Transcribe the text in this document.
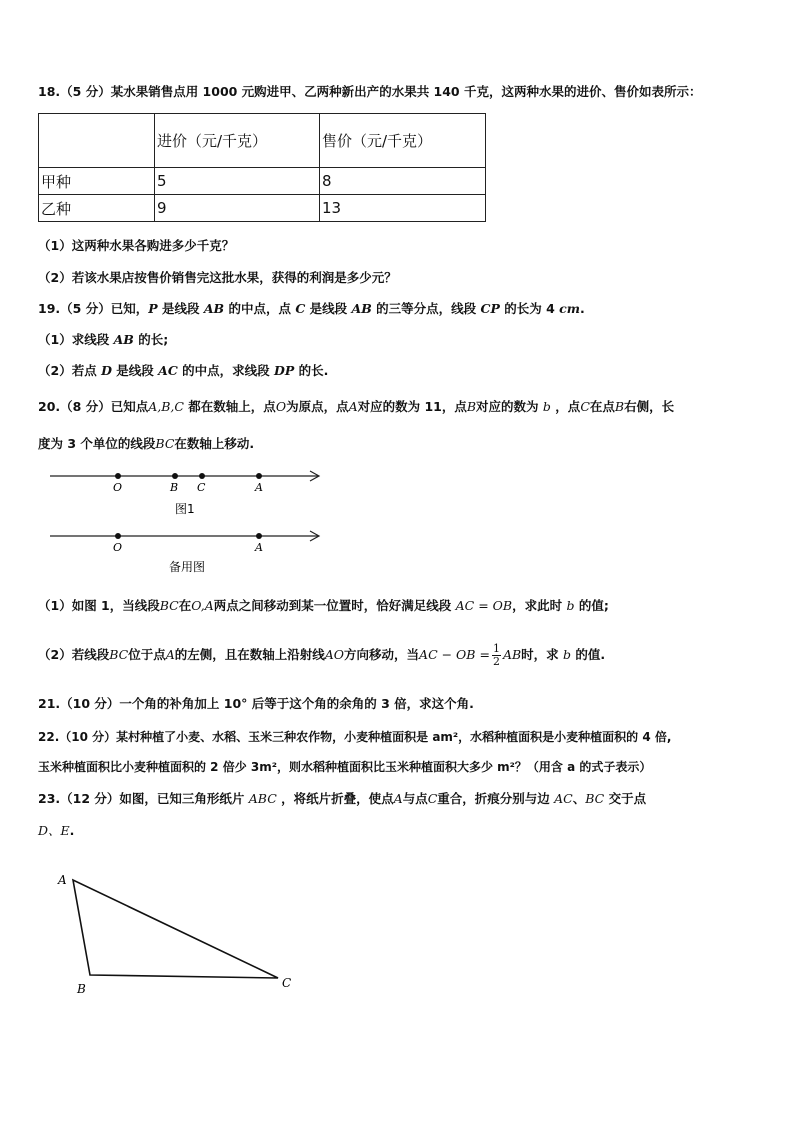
18.（5 分）某水果销售点用 1000 元购进甲、乙两种新出产的水果共 140 千克，这两种水果的进价、售价如表所示：
	进价（元/千克）	售价（元/千克）
甲种	5	8
乙种	9	13
（1）这两种水果各购进多少千克？
（2）若该水果店按售价销售完这批水果，获得的利润是多少元？
19.（5 分）已知，P 是线段 AB 的中点，点 C 是线段 AB 的三等分点，线段 CP 的长为 4 cm.
（1）求线段 AB 的长;
（2）若点 D 是线段 AC 的中点，求线段 DP 的长.
20.（8 分）已知点A,B,C 都在数轴上，点O为原点，点A对应的数为 11，点B对应的数为 b ，点C在点B右侧，长
度为 3 个单位的线段BC在数轴上移动.
O	B C	A
图1
O	A
备用图
（1）如图 1，当线段BC在O,A两点之间移动到某一位置时，恰好满足线段 AC = OB，求此时 b 的值;
（2）若线段BC位于点A的左侧，且在数轴上沿射线AO方向移动，当AC − OB = $\frac{1}{2}$ AB时，求 b 的值.
21.（10 分）一个角的补角加上 10° 后等于这个角的余角的 3 倍，求这个角.
22.（10 分）某村种植了小麦、水稻、玉米三种农作物，小麦种植面积是 am²，水稻种植面积是小麦种植面积的 4 倍,
玉米种植面积比小麦种植面积的 2 倍少 3m²，则水稻种植面积比玉米种植面积大多少 m²？（用含 a 的式子表示）
23.（12 分）如图，已知三角形纸片 ABC ，将纸片折叠，使点A与点C重合，折痕分别与边 AC、BC 交于点
D、E.
A
B	C
